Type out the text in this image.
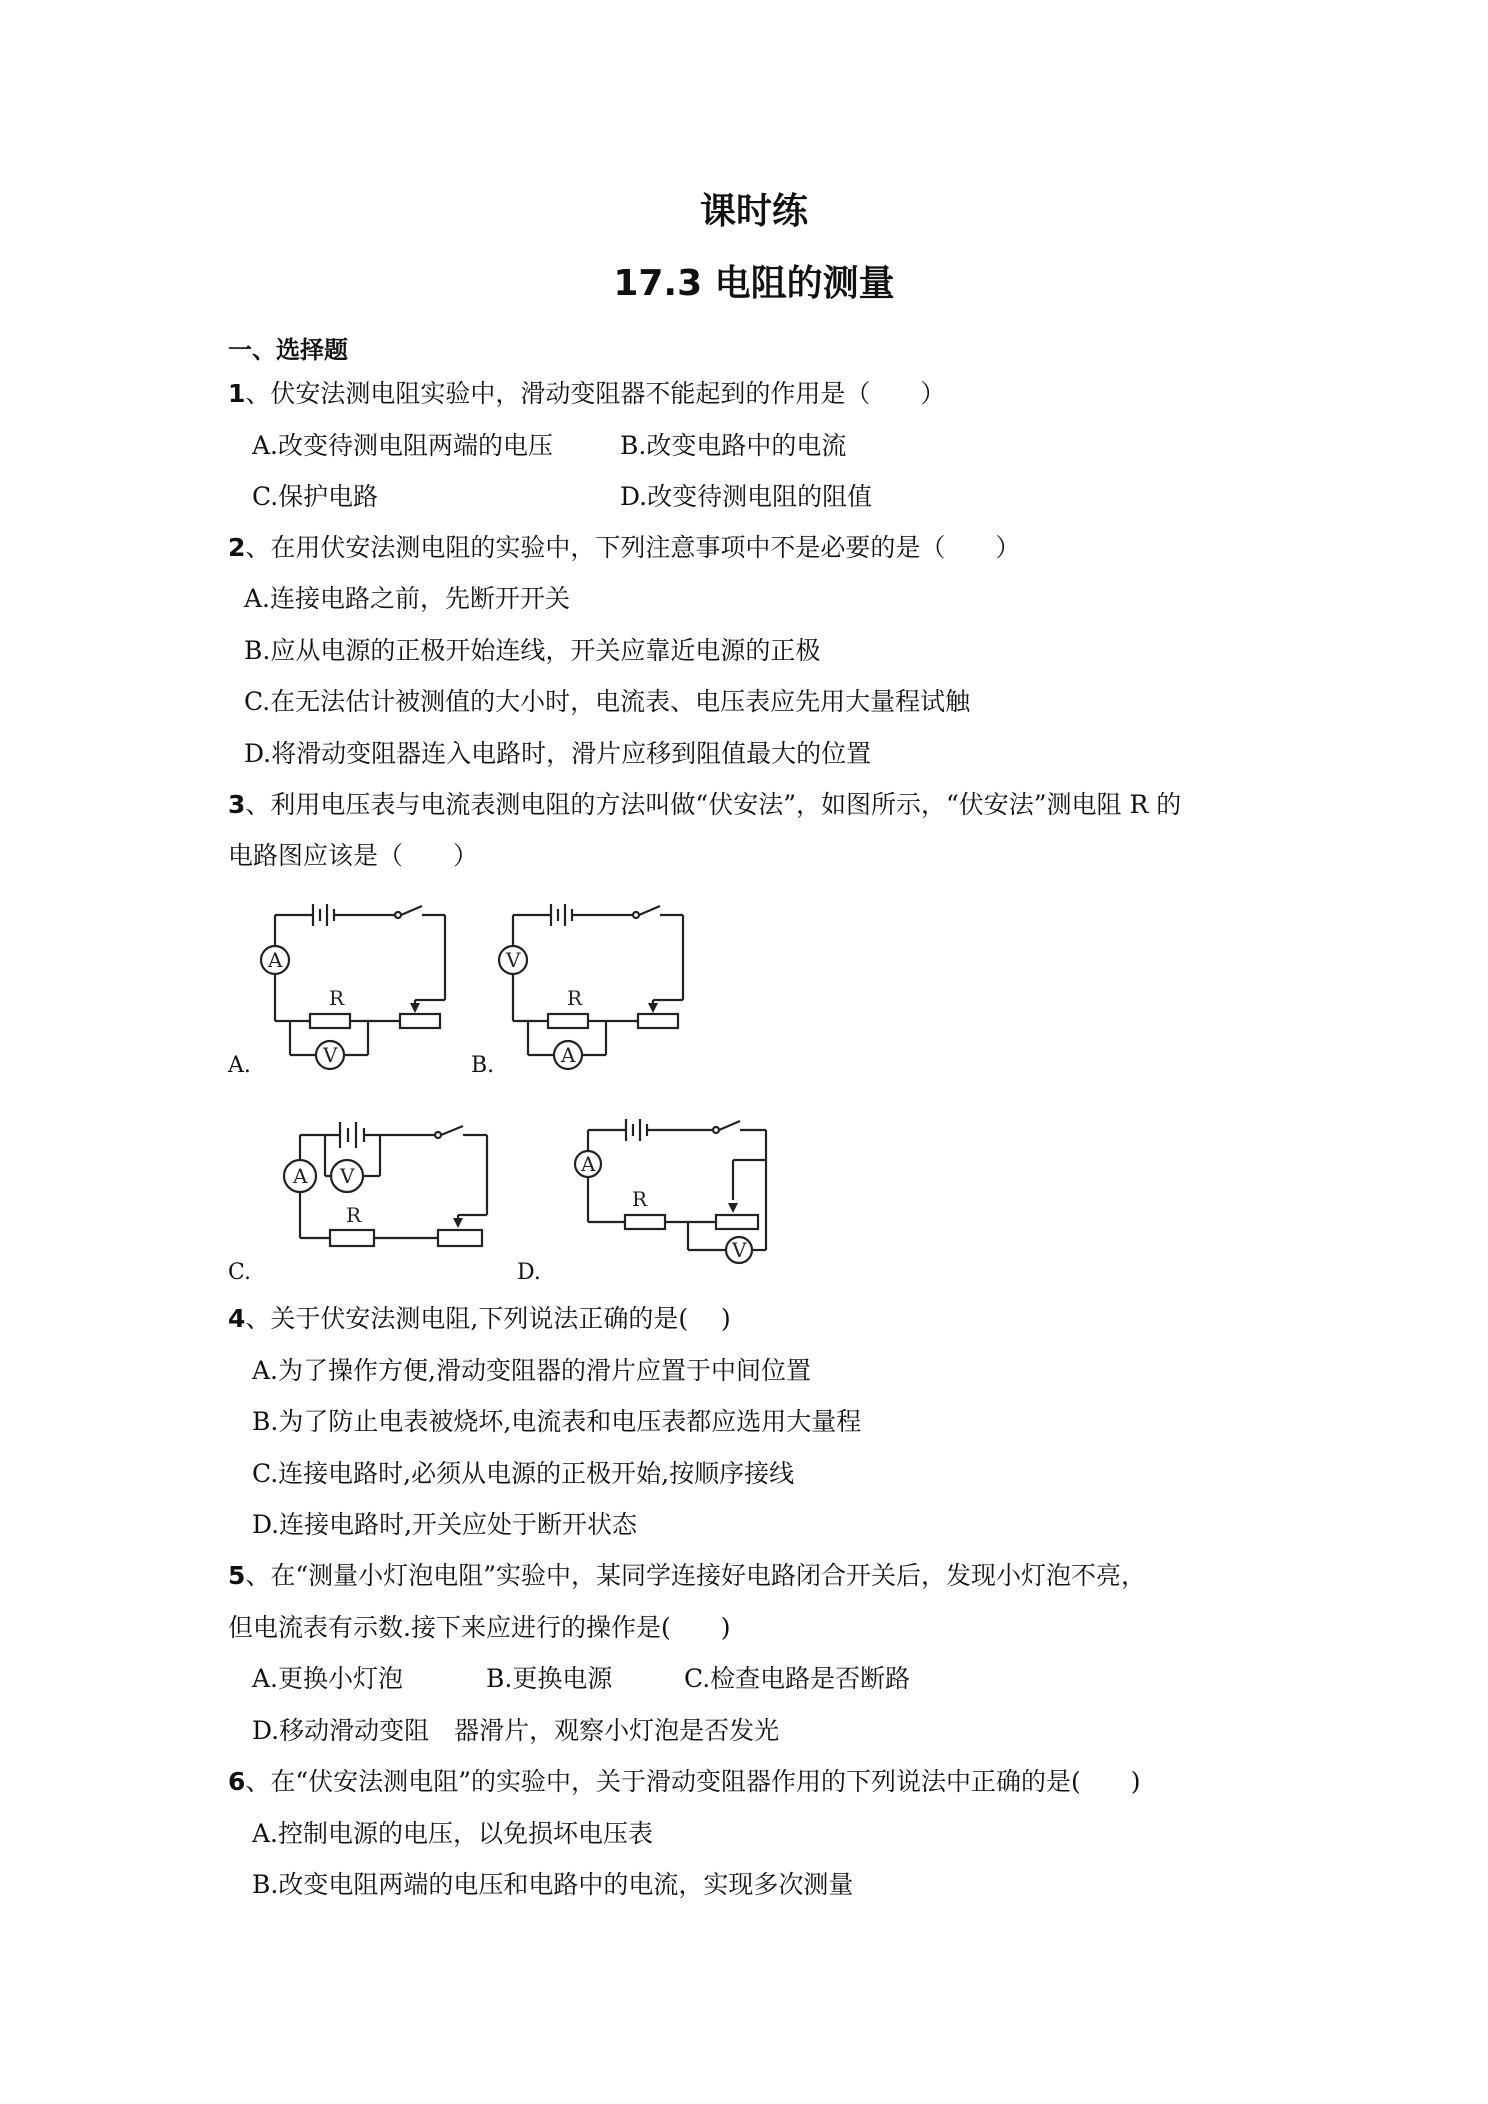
课时练
17.3 电阻的测量
一、选择题
1、伏安法测电阻实验中，滑动变阻器不能起到的作用是（　　）
A.改变待测电阻两端的电压	B.改变电路中的电流
C.保护电路	D.改变待测电阻的阻值
2、在用伏安法测电阻的实验中，下列注意事项中不是必要的是（　　）
A.连接电路之前，先断开开关
B.应从电源的正极开始连线，开关应靠近电源的正极
C.在无法估计被测值的大小时，电流表、电压表应先用大量程试触
D.将滑动变阻器连入电路时，滑片应移到阻值最大的位置
3、利用电压表与电流表测电阻的方法叫做“伏安法”，如图所示，“伏安法”测电阻 R 的
电路图应该是（　　）
A.
A
R
V	B.
V
R
A
C.
A
R
V
D.
A
R
V
4、关于伏安法测电阻,下列说法正确的是(　 )
A.为了操作方便,滑动变阻器的滑片应置于中间位置
B.为了防止电表被烧坏,电流表和电压表都应选用大量程
C.连接电路时,必须从电源的正极开始,按顺序接线
D.连接电路时,开关应处于断开状态
5、在“测量小灯泡电阻”实验中，某同学连接好电路闭合开关后，发现小灯泡不亮，
但电流表有示数.接下来应进行的操作是(　　)
A.更换小灯泡	B.更换电源	C.检查电路是否断路
D.移动滑动变阻　器滑片，观察小灯泡是否发光
6、在“伏安法测电阻”的实验中，关于滑动变阻器作用的下列说法中正确的是(　　)
A.控制电源的电压，以免损坏电压表
B.改变电阻两端的电压和电路中的电流，实现多次测量
